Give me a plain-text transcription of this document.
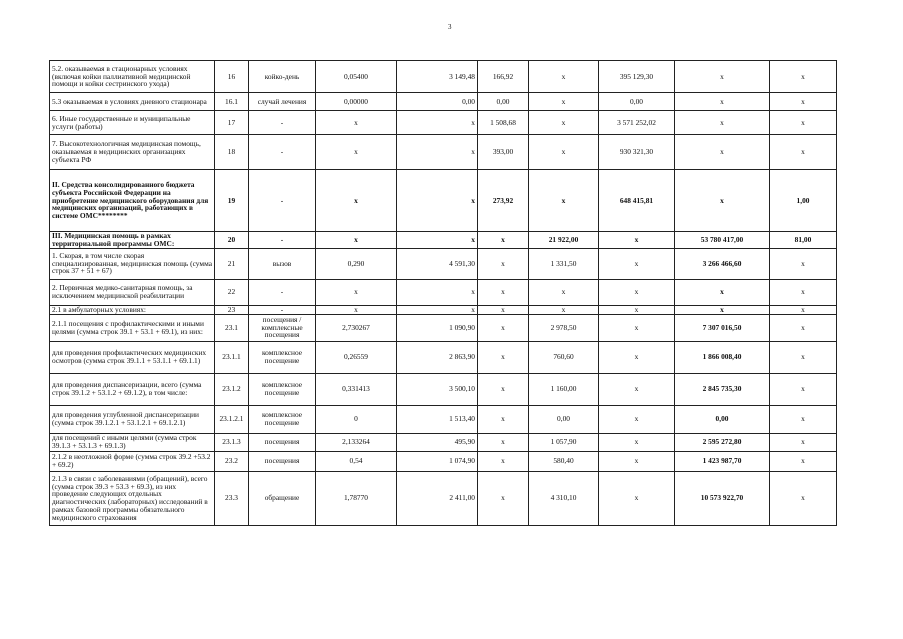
3
5.2. оказываемая в стационарных условиях (включая койки паллиативной медицинской помощи и койки сестринского ухода)	16	койко-день	0,05400	3 149,48	166,92	х	395 129,30	х	х
5.3 оказываемая в условиях дневного стационара	16.1	случай лечения	0,00000	0,00	0,00	х	0,00	х	х
6. Иные государственные и муниципальные услуги (работы)	17	-	х	х	1 508,68	х	3 571 252,02	х	х
7. Высокотехнологичная медицинская помощь, оказываемая в медицинских организациях субъекта РФ	18	-	х	х	393,00	х	930 321,30	х	х
II. Средства консолидированного бюджета субъекта Российской Федерации на приобретение медицинского оборудования для медицинских организаций, работающих в системе ОМС********	19	-	х	х	273,92	х	648 415,81	х	1,00
III. Медицинская помощь в рамках территориальной программы ОМС:	20	-	х	х	х	21 922,00	х	53 780 417,00	81,00
1. Скорая, в том числе скорая специализированная, медицинская помощь (сумма строк 37 + 51 + 67)	21	вызов	0,290	4 591,30	х	1 331,50	х	3 266 466,60	х
2. Первичная медико-санитарная помощь, за исключением медицинской реабилитации	22	-	х	х	х	х	х	х	х
2.1 в амбулаторных условиях:	23	-	х	х	х	х	х	х	х
2.1.1 посещения с профилактическими и иными целями (сумма строк 39.1 + 53.1 + 69.1), из них:	23.1	посещения / комплексные посещения	2,730267	1 090,90	х	2 978,50	х	7 307 016,50	х
для проведения профилактических медицинских осмотров (сумма строк 39.1.1 + 53.1.1 + 69.1.1)	23.1.1	комплексное посещение	0,26559	2 863,90	х	760,60	х	1 866 008,40	х
для проведения диспансеризации, всего (сумма строк 39.1.2 + 53.1.2 + 69.1.2), в том числе:	23.1.2	комплексное посещение	0,331413	3 500,10	х	1 160,00	х	2 845 735,30	х
для проведения углубленной диспансеризации (сумма строк 39.1.2.1 + 53.1.2.1 + 69.1.2.1)	23.1.2.1	комплексное посещение	0	1 513,40	х	0,00	х	0,00	х
для посещений с иными целями (сумма строк 39.1.3 + 53.1.3 + 69.1.3)	23.1.3	посещения	2,133264	495,90	х	1 057,90	х	2 595 272,80	х
2.1.2 в неотложной форме (сумма строк 39.2 +53.2 + 69.2)	23.2	посещения	0,54	1 074,90	х	580,40	х	1 423 987,70	х
2.1.3 в связи с заболеваниями (обращений), всего (сумма строк 39.3 + 53.3 + 69.3), из них проведение следующих отдельных диагностических (лабораторных) исследований в рамках базовой программы обязательного медицинского страхования	23.3	обращение	1,78770	2 411,00	х	4 310,10	х	10 573 922,70	х
